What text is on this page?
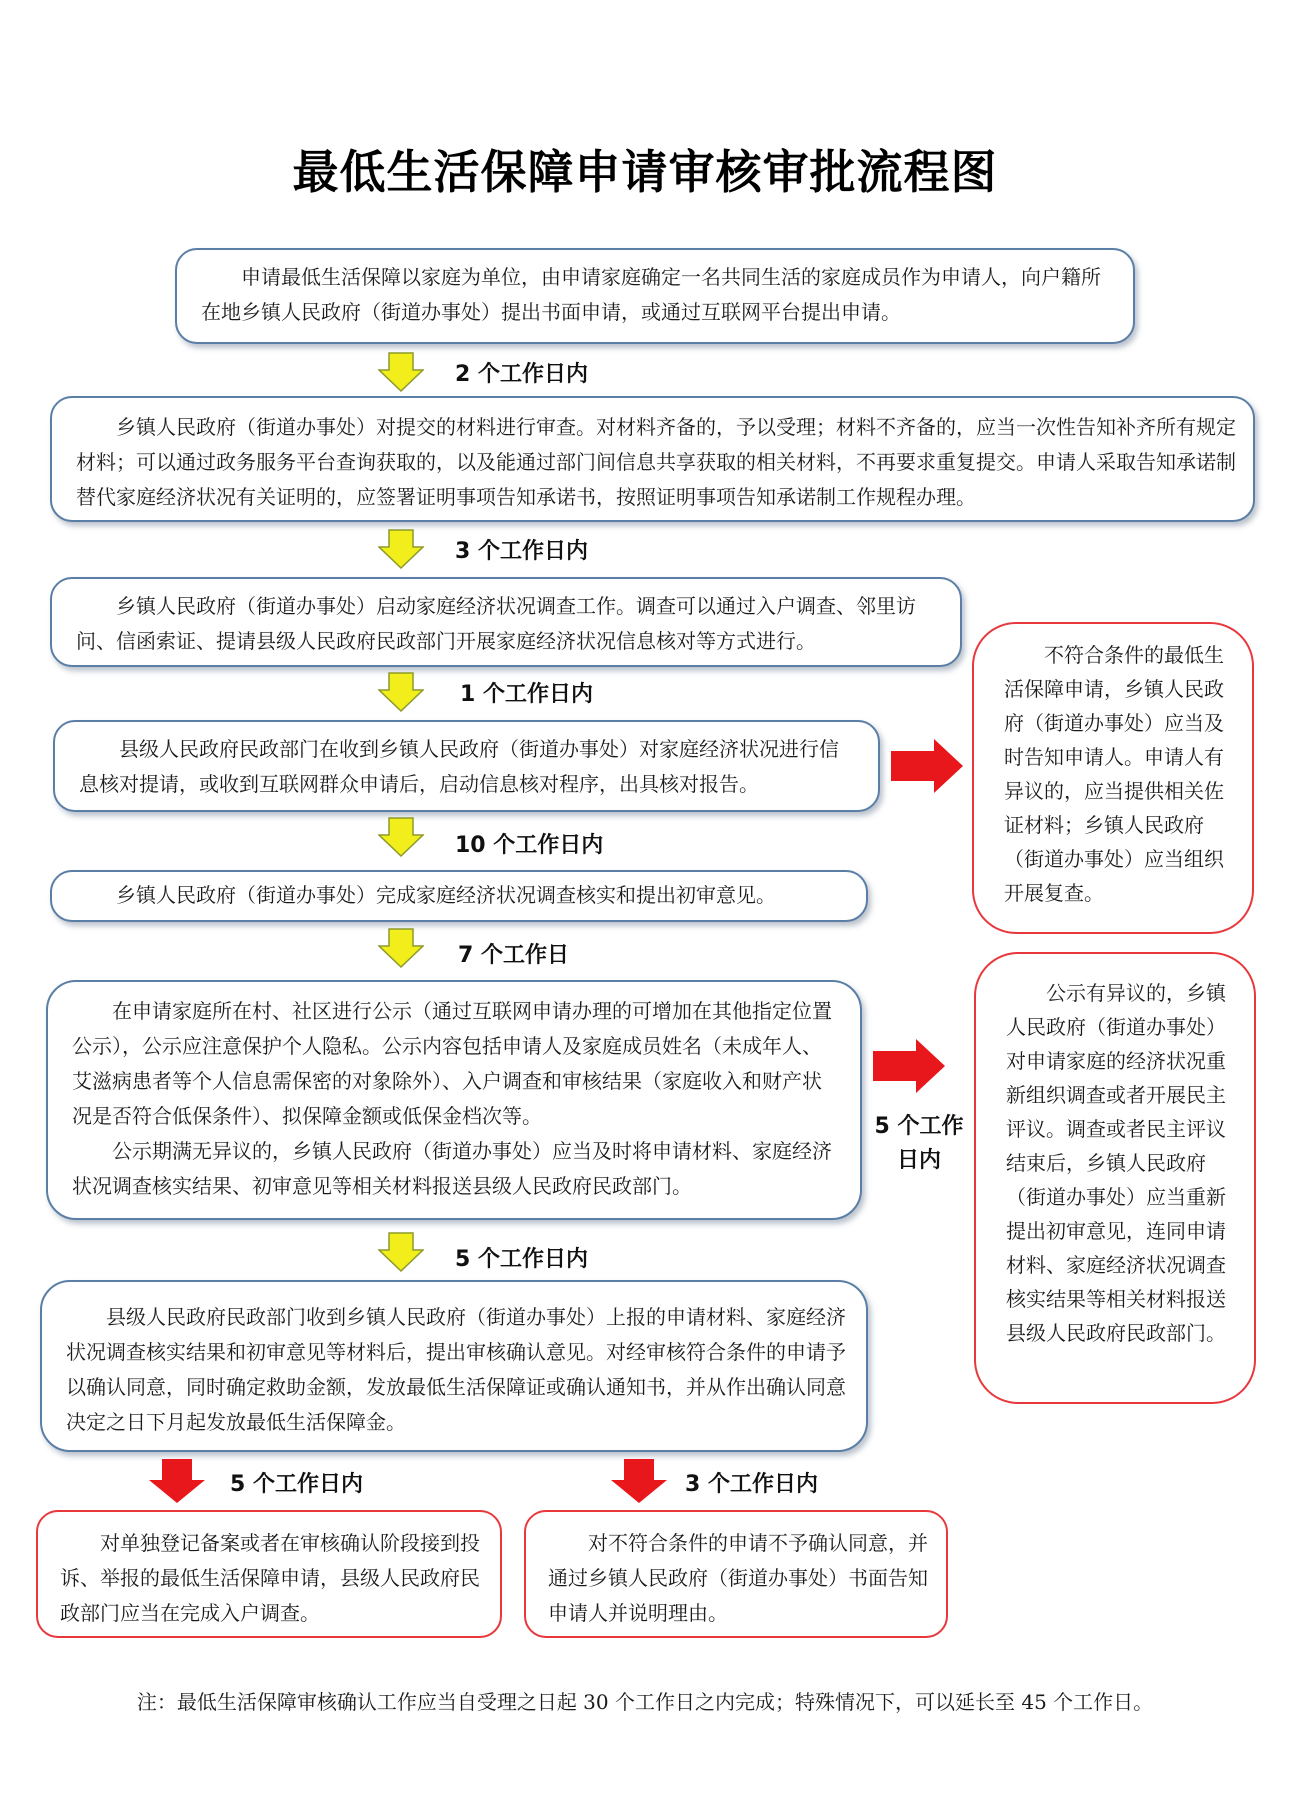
最低生活保障申请审核审批流程图

申请最低生活保障以家庭为单位，由申请家庭确定一名共同生活的家庭成员作为申请人，向户籍所在地乡镇人民政府（街道办事处）提出书面申请，或通过互联网平台提出申请。

2 个工作日内

乡镇人民政府（街道办事处）对提交的材料进行审查。对材料齐备的，予以受理；材料不齐备的，应当一次性告知补齐所有规定材料；可以通过政务服务平台查询获取的，以及能通过部门间信息共享获取的相关材料，不再要求重复提交。申请人采取告知承诺制替代家庭经济状况有关证明的，应签署证明事项告知承诺书，按照证明事项告知承诺制工作规程办理。

3 个工作日内

乡镇人民政府（街道办事处）启动家庭经济状况调查工作。调查可以通过入户调查、邻里访问、信函索证、提请县级人民政府民政部门开展家庭经济状况信息核对等方式进行。

1 个工作日内

县级人民政府民政部门在收到乡镇人民政府（街道办事处）对家庭经济状况进行信息核对提请，或收到互联网群众申请后，启动信息核对程序，出具核对报告。

10 个工作日内

乡镇人民政府（街道办事处）完成家庭经济状况调查核实和提出初审意见。

7 个工作日

在申请家庭所在村、社区进行公示（通过互联网申请办理的可增加在其他指定位置公示），公示应注意保护个人隐私。公示内容包括申请人及家庭成员姓名（未成年人、艾滋病患者等个人信息需保密的对象除外）、入户调查和审核结果（家庭收入和财产状况是否符合低保条件）、拟保障金额或低保金档次等。

公示期满无异议的，乡镇人民政府（街道办事处）应当及时将申请材料、家庭经济状况调查核实结果、初审意见等相关材料报送县级人民政府民政部门。

5 个工作日内

县级人民政府民政部门收到乡镇人民政府（街道办事处）上报的申请材料、家庭经济状况调查核实结果和初审意见等材料后，提出审核确认意见。对经审核符合条件的申请予以确认同意，同时确定救助金额，发放最低生活保障证或确认通知书，并从作出确认同意决定之日下月起发放最低生活保障金。

不符合条件的最低生活保障申请，乡镇人民政府（街道办事处）应当及时告知申请人。申请人有异议的，应当提供相关佐证材料；乡镇人民政府（街道办事处）应当组织开展复查。

5 个工作日内

公示有异议的，乡镇人民政府（街道办事处）对申请家庭的经济状况重新组织调查或者开展民主评议。调查或者民主评议结束后，乡镇人民政府（街道办事处）应当重新提出初审意见，连同申请材料、家庭经济状况调查核实结果等相关材料报送县级人民政府民政部门。

5 个工作日内

对单独登记备案或者在审核确认阶段接到投诉、举报的最低生活保障申请，县级人民政府民政部门应当在完成入户调查。

3 个工作日内

对不符合条件的申请不予确认同意，并通过乡镇人民政府（街道办事处）书面告知申请人并说明理由。

注：最低生活保障审核确认工作应当自受理之日起 30 个工作日之内完成；特殊情况下，可以延长至 45 个工作日。
